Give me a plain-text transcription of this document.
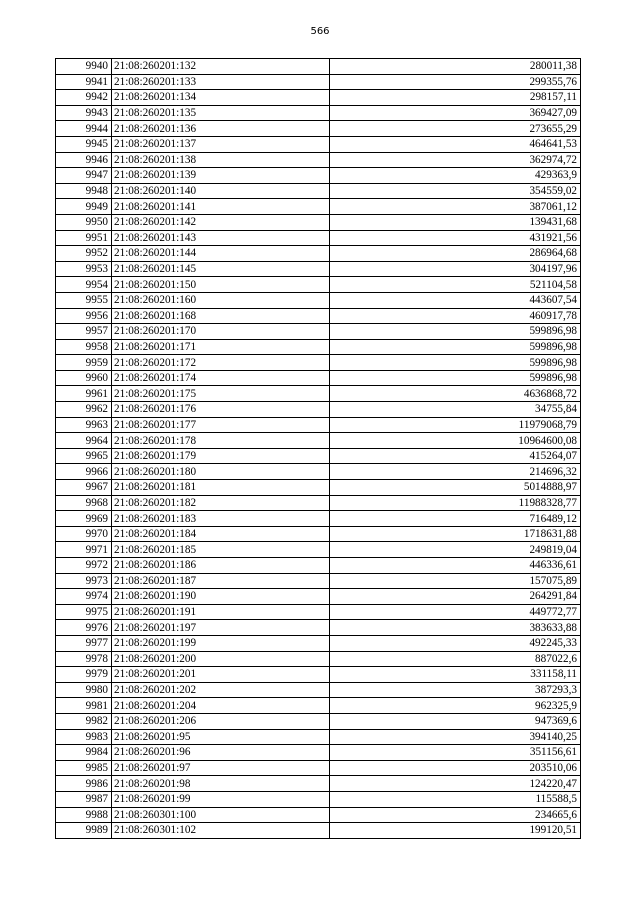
566
9940	21:08:260201:132	280011,38
9941	21:08:260201:133	299355,76
9942	21:08:260201:134	298157,11
9943	21:08:260201:135	369427,09
9944	21:08:260201:136	273655,29
9945	21:08:260201:137	464641,53
9946	21:08:260201:138	362974,72
9947	21:08:260201:139	429363,9
9948	21:08:260201:140	354559,02
9949	21:08:260201:141	387061,12
9950	21:08:260201:142	139431,68
9951	21:08:260201:143	431921,56
9952	21:08:260201:144	286964,68
9953	21:08:260201:145	304197,96
9954	21:08:260201:150	521104,58
9955	21:08:260201:160	443607,54
9956	21:08:260201:168	460917,78
9957	21:08:260201:170	599896,98
9958	21:08:260201:171	599896,98
9959	21:08:260201:172	599896,98
9960	21:08:260201:174	599896,98
9961	21:08:260201:175	4636868,72
9962	21:08:260201:176	34755,84
9963	21:08:260201:177	11979068,79
9964	21:08:260201:178	10964600,08
9965	21:08:260201:179	415264,07
9966	21:08:260201:180	214696,32
9967	21:08:260201:181	5014888,97
9968	21:08:260201:182	11988328,77
9969	21:08:260201:183	716489,12
9970	21:08:260201:184	1718631,88
9971	21:08:260201:185	249819,04
9972	21:08:260201:186	446336,61
9973	21:08:260201:187	157075,89
9974	21:08:260201:190	264291,84
9975	21:08:260201:191	449772,77
9976	21:08:260201:197	383633,88
9977	21:08:260201:199	492245,33
9978	21:08:260201:200	887022,6
9979	21:08:260201:201	331158,11
9980	21:08:260201:202	387293,3
9981	21:08:260201:204	962325,9
9982	21:08:260201:206	947369,6
9983	21:08:260201:95	394140,25
9984	21:08:260201:96	351156,61
9985	21:08:260201:97	203510,06
9986	21:08:260201:98	124220,47
9987	21:08:260201:99	115588,5
9988	21:08:260301:100	234665,6
9989	21:08:260301:102	199120,51
